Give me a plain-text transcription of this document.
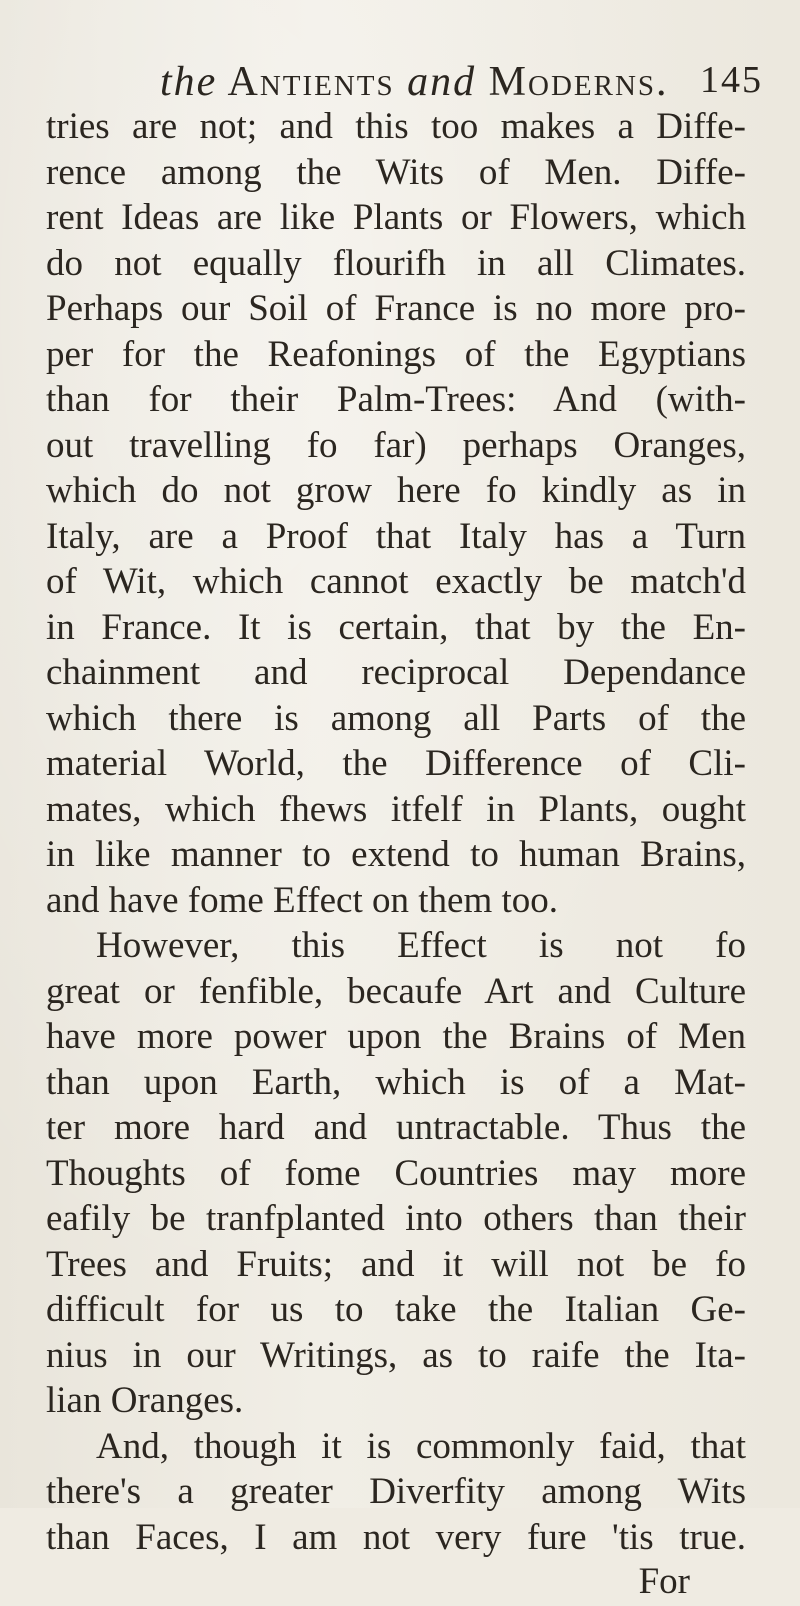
the Antients and Moderns. 145
tries are not; and this too makes a Diffe-
rence among the Wits of Men. Diffe-
rent Ideas are like Plants or Flowers, which
do not equally flourifh in all Climates.
Perhaps our Soil of France is no more pro-
per for the Reafonings of the Egyptians
than for their Palm-Trees: And (with-
out travelling fo far) perhaps Oranges,
which do not grow here fo kindly as in
Italy, are a Proof that Italy has a Turn
of Wit, which cannot exactly be match'd
in France. It is certain, that by the En-
chainment and reciprocal Dependance
which there is among all Parts of the
material World, the Difference of Cli-
mates, which fhews itfelf in Plants, ought
in like manner to extend to human Brains,
and have fome Effect on them too.
However, this Effect is not fo
great or fenfible, becaufe Art and Culture
have more power upon the Brains of Men
than upon Earth, which is of a Mat-
ter more hard and untractable. Thus the
Thoughts of fome Countries may more
eafily be tranfplanted into others than their
Trees and Fruits; and it will not be fo
difficult for us to take the Italian Ge-
nius in our Writings, as to raife the Ita-
lian Oranges.
And, though it is commonly faid, that
there's a greater Diverfity among Wits
than Faces, I am not very fure 'tis true.
For
